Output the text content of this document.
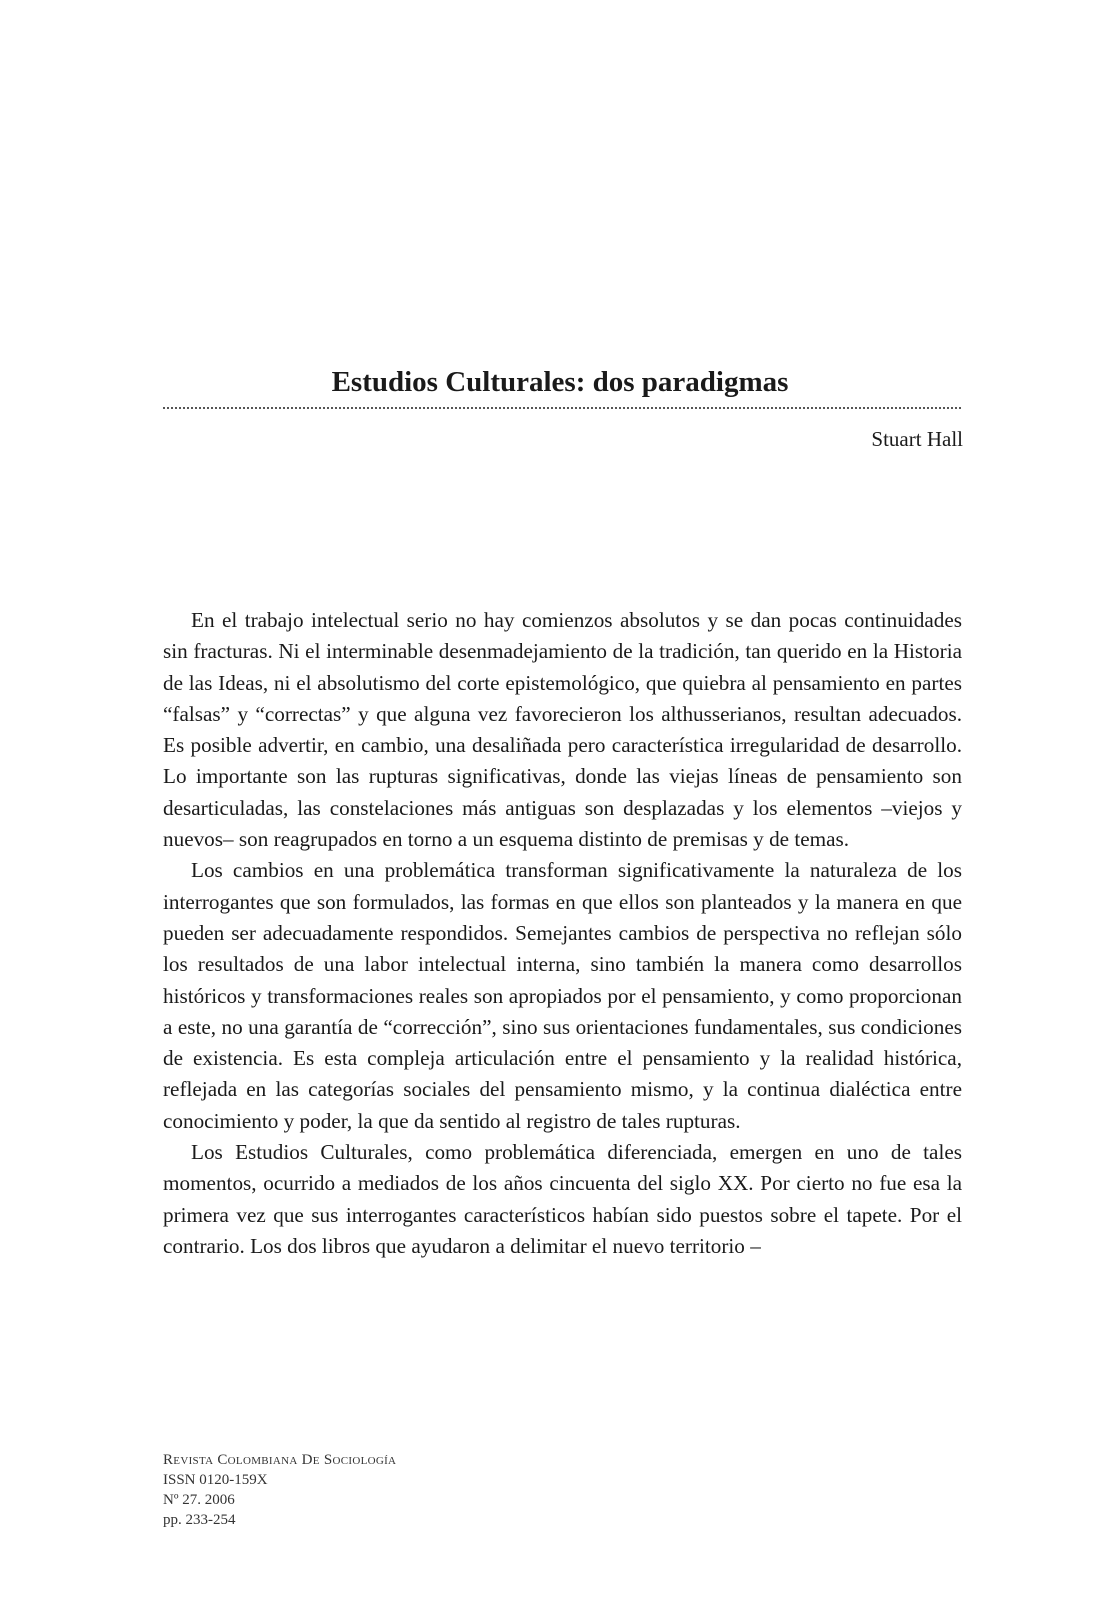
Estudios Culturales: dos paradigmas
Stuart Hall

En el trabajo intelectual serio no hay comienzos absolutos y se dan pocas continuidades sin fracturas. Ni el interminable desenmadejamiento de la tradición, tan querido en la Historia de las Ideas, ni el absolutismo del corte epistemológico, que quiebra al pensamiento en partes “falsas” y “correctas” y que alguna vez favorecieron los althusserianos, resultan adecuados. Es posible advertir, en cambio, una desaliñada pero característica irregularidad de desarrollo. Lo importante son las rupturas significativas, donde las viejas líneas de pensamiento son desarticuladas, las constelaciones más antiguas son desplazadas y los elementos –viejos y nuevos– son reagrupados en torno a un esquema distinto de premisas y de temas.

Los cambios en una problemática transforman significativamente la naturaleza de los interrogantes que son formulados, las formas en que ellos son planteados y la manera en que pueden ser adecuadamente respondidos. Semejantes cambios de perspectiva no reflejan sólo los resultados de una labor intelectual interna, sino también la manera como desarrollos históricos y transformaciones reales son apropiados por el pensamiento, y como proporcionan a este, no una garantía de “corrección”, sino sus orientaciones fundamentales, sus condiciones de existencia. Es esta compleja articulación entre el pensamiento y la realidad histórica, reflejada en las categorías sociales del pensamiento mismo, y la continua dialéctica entre conocimiento y poder, la que da sentido al registro de tales rupturas.

Los Estudios Culturales, como problemática diferenciada, emergen en uno de tales momentos, ocurrido a mediados de los años cincuenta del siglo XX. Por cierto no fue esa la primera vez que sus interrogantes característicos habían sido puestos sobre el tapete. Por el contrario. Los dos libros que ayudaron a delimitar el nuevo territorio –

Revista Colombiana De Sociología
ISSN 0120-159X
Nº 27. 2006
pp. 233-254
